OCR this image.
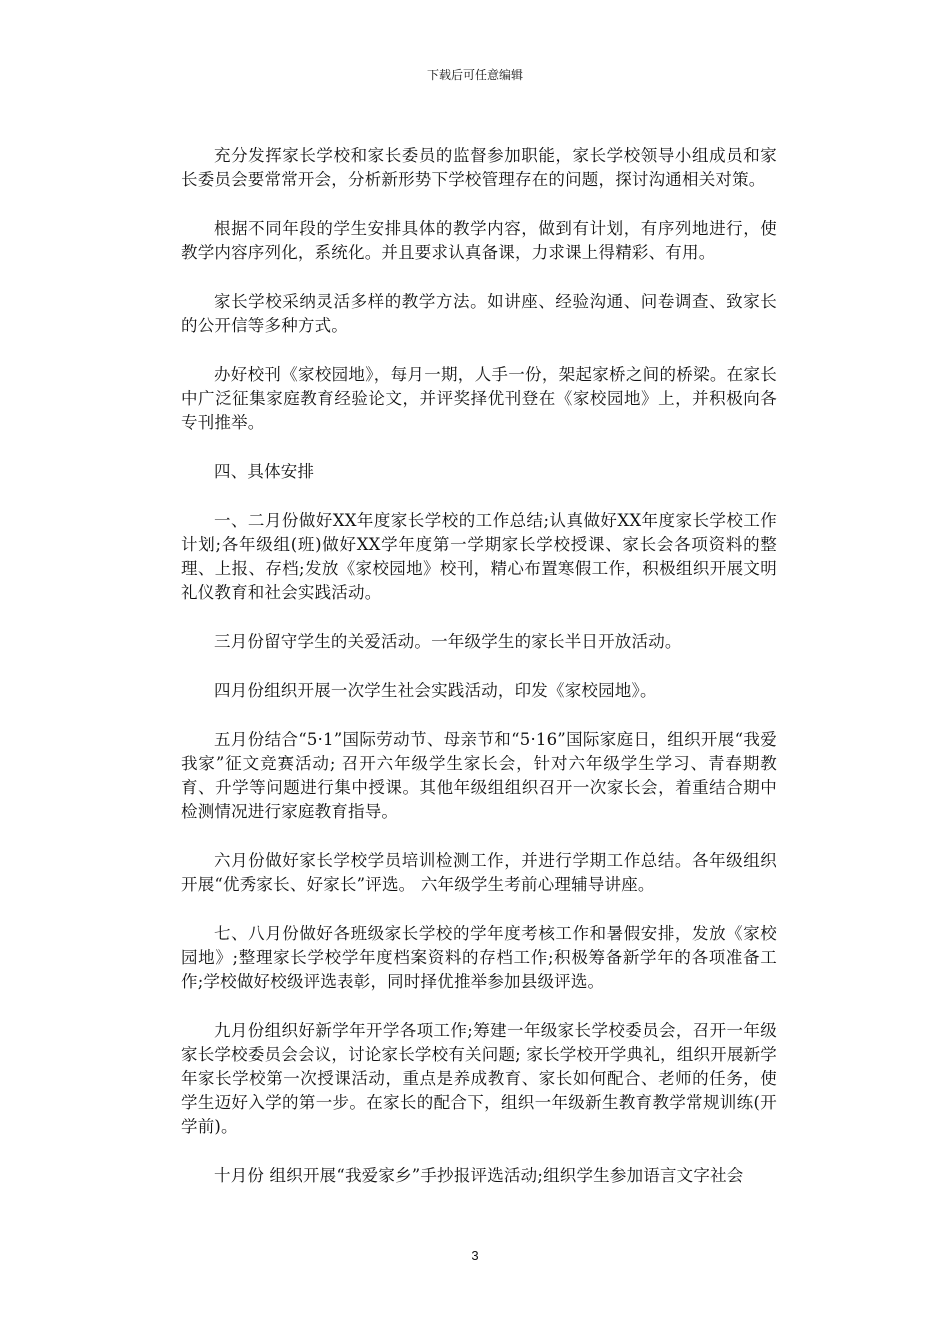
下载后可任意编辑

充分发挥家长学校和家长委员的监督参加职能，家长学校领导小组成员和家长委员会要常常开会，分析新形势下学校管理存在的问题，探讨沟通相关对策。

根据不同年段的学生安排具体的教学内容，做到有计划，有序列地进行，使教学内容序列化，系统化。并且要求认真备课，力求课上得精彩、有用。

家长学校采纳灵活多样的教学方法。如讲座、经验沟通、问卷调查、致家长的公开信等多种方式。

办好校刊《家校园地》，每月一期，人手一份，架起家桥之间的桥梁。在家长中广泛征集家庭教育经验论文，并评奖择优刊登在《家校园地》上，并积极向各专刊推举。

四、具体安排

一、二月份做好XX年度家长学校的工作总结;认真做好XX年度家长学校工作计划;各年级组(班)做好XX学年度第一学期家长学校授课、家长会各项资料的整理、上报、存档;发放《家校园地》校刊，精心布置寒假工作，积极组织开展文明礼仪教育和社会实践活动。

三月份留守学生的关爱活动。一年级学生的家长半日开放活动。

四月份组织开展一次学生社会实践活动，印发《家校园地》。

五月份结合“5·1”国际劳动节、母亲节和“5·16”国际家庭日，组织开展“我爱我家”征文竞赛活动; 召开六年级学生家长会，针对六年级学生学习、青春期教育、升学等问题进行集中授课。其他年级组组织召开一次家长会，着重结合期中检测情况进行家庭教育指导。

六月份做好家长学校学员培训检测工作，并进行学期工作总结。各年级组织开展“优秀家长、好家长”评选。 六年级学生考前心理辅导讲座。

七、八月份做好各班级家长学校的学年度考核工作和暑假安排，发放《家校园地》;整理家长学校学年度档案资料的存档工作;积极筹备新学年的各项准备工作;学校做好校级评选表彰，同时择优推举参加县级评选。

九月份组织好新学年开学各项工作;筹建一年级家长学校委员会，召开一年级家长学校委员会会议，讨论家长学校有关问题; 家长学校开学典礼，组织开展新学年家长学校第一次授课活动，重点是养成教育、家长如何配合、老师的任务，使学生迈好入学的第一步。在家长的配合下，组织一年级新生教育教学常规训练(开学前)。

十月份 组织开展“我爱家乡”手抄报评选活动;组织学生参加语言文字社会

3
